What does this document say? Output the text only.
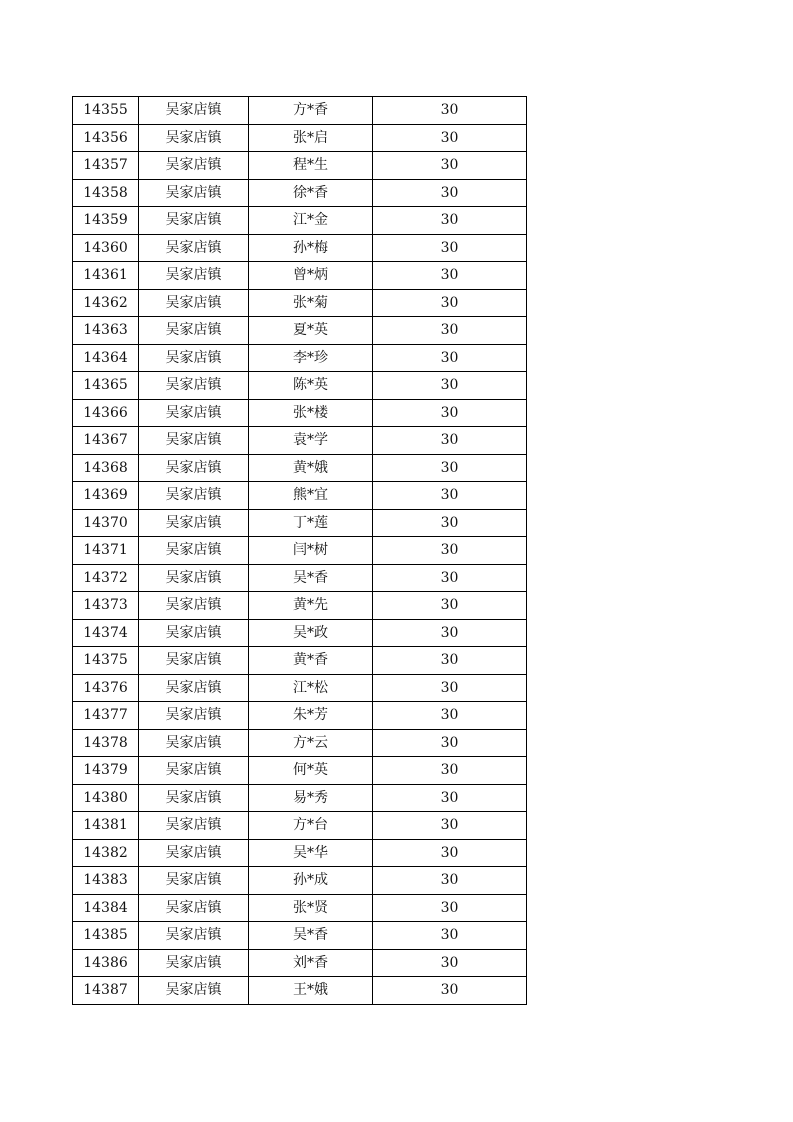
14355	吴家店镇	方*香	30
14356	吴家店镇	张*启	30
14357	吴家店镇	程*生	30
14358	吴家店镇	徐*香	30
14359	吴家店镇	江*金	30
14360	吴家店镇	孙*梅	30
14361	吴家店镇	曾*炳	30
14362	吴家店镇	张*菊	30
14363	吴家店镇	夏*英	30
14364	吴家店镇	李*珍	30
14365	吴家店镇	陈*英	30
14366	吴家店镇	张*楼	30
14367	吴家店镇	袁*学	30
14368	吴家店镇	黄*娥	30
14369	吴家店镇	熊*宜	30
14370	吴家店镇	丁*莲	30
14371	吴家店镇	闫*树	30
14372	吴家店镇	吴*香	30
14373	吴家店镇	黄*先	30
14374	吴家店镇	吴*政	30
14375	吴家店镇	黄*香	30
14376	吴家店镇	江*松	30
14377	吴家店镇	朱*芳	30
14378	吴家店镇	方*云	30
14379	吴家店镇	何*英	30
14380	吴家店镇	易*秀	30
14381	吴家店镇	方*台	30
14382	吴家店镇	吴*华	30
14383	吴家店镇	孙*成	30
14384	吴家店镇	张*贤	30
14385	吴家店镇	吴*香	30
14386	吴家店镇	刘*香	30
14387	吴家店镇	王*娥	30
